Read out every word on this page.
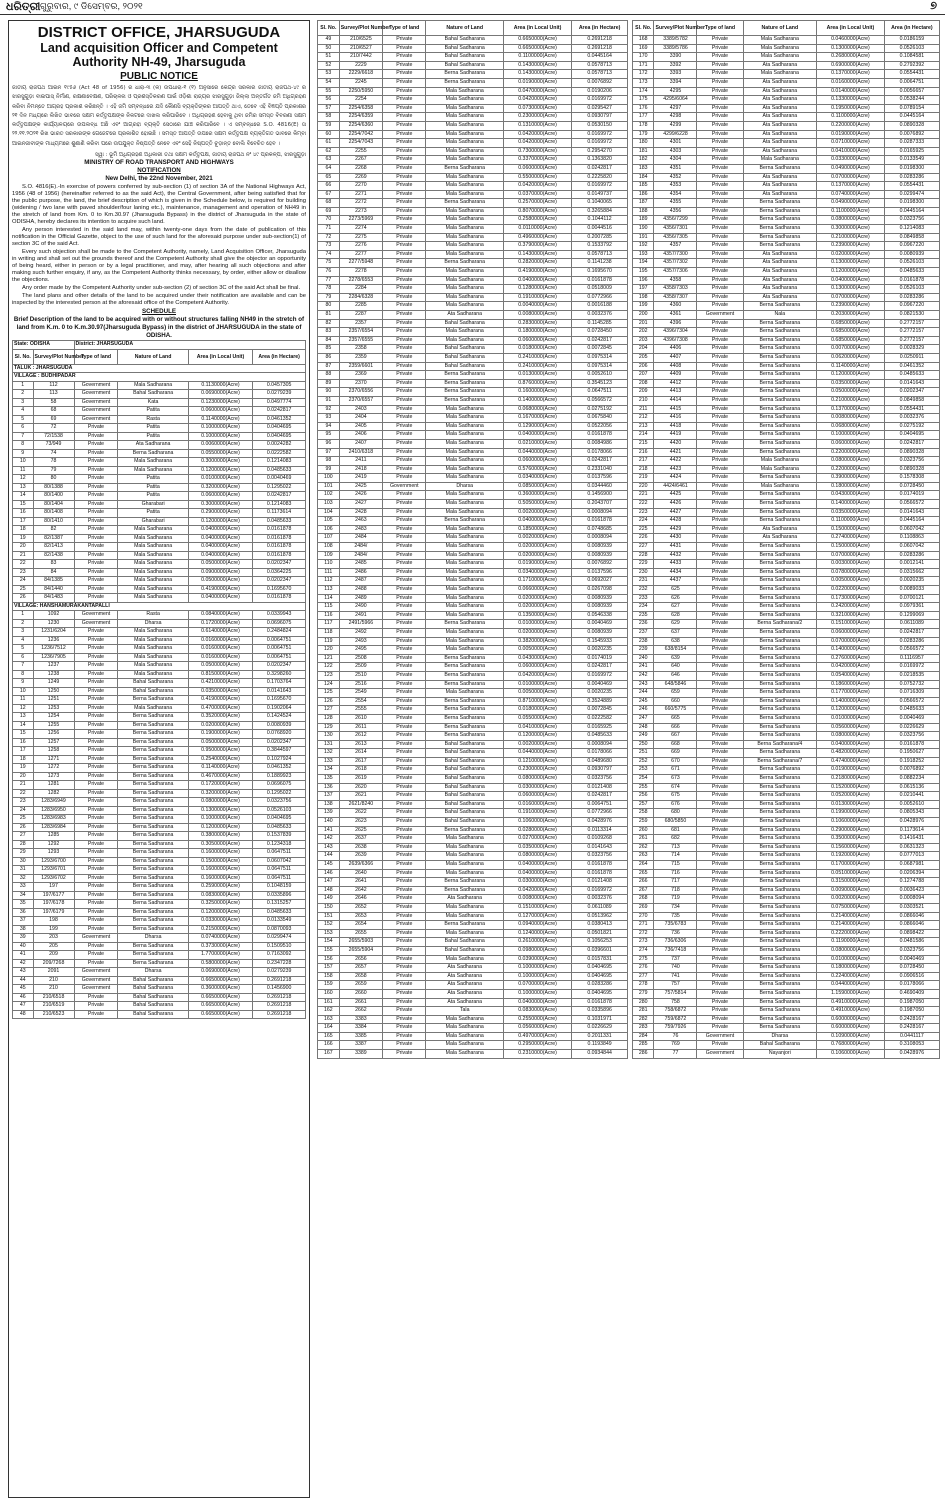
ଧରିତ୍ରୀ ଗୁରୁବାର, ୯ ଡିସେମ୍ବର, ୨୦୨୧	୭
DISTRICT OFFICE, JHARSUGUDA
Land acquisition Officer and Competent Authority NH-49, Jharsuguda
PUBLIC NOTICE
ଜାତୀୟ ରାଜପଥ ଆଇନ ୧୯୫୬ (Act 48 of 1956) ର ଧାରା-୩ (କ) ଉପଧାରା-୧ (୧) ଅନୁସାରେ କେନ୍ଦ୍ର ସରକାର ଜାତୀୟ ରାଜପଥ-୪୯ ର ଝାରସୁଗୁଡ଼ା ବାଇପାସ୍ ନିର୍ମାଣ, ରକ୍ଷଣାବେକ୍ଷଣ, ପରିଚାଳନା ଓ ପ୍ରଶସ୍ତିକରଣ ପାଇଁ ଓଡ଼ିଶା ରାଜ୍ୟର ଝାରସୁଗୁଡ଼ା ଜିଲ୍ଲା ଅନ୍ତର୍ଗତ ଜମି ଅଧିଗ୍ରହଣ କରିବା ନିମନ୍ତେ ଆଗ୍ରହ ପ୍ରକାଶ କରିଛନ୍ତି । ଏହି ଜମି ସମ୍ବନ୍ଧରେ ଯଦି କୌଣସି ବ୍ୟକ୍ତିଙ୍କର ଆପତ୍ତି ଥାଏ, ତେବେ ଏହି ବିଜ୍ଞପ୍ତି ପ୍ରକାଶର ୨୧ ଦିନ ମଧ୍ୟରେ ଲିଖିତ ଭାବରେ ସକ୍ଷମ କର୍ତ୍ତୃପକ୍ଷଙ୍କ ନିକଟରେ ଦାଖଲ କରିପାରିବେ । ଅଧିଗ୍ରହଣ ହେବାକୁ ଥିବା ଜମିର ସମସ୍ତ ବିବରଣୀ ସକ୍ଷମ କର୍ତ୍ତୃପକ୍ଷଙ୍କ କାର୍ଯ୍ୟାଳୟରେ ଉପଲବ୍ଧ ଅଛି ଏବଂ ଆଗ୍ରହୀ ବ୍ୟକ୍ତି ସେଠାରେ ଯାଞ୍ଚ କରିପାରିବେ । ଏ ସମ୍ବନ୍ଧରେ S.O. 4816(E) ତା ୨୨.୧୧.୨୦୨୧ ରିଖ ଭାରତ ସରକାରଙ୍କ ଗେଜେଟରେ ପ୍ରକାଶିତ ହୋଇଛି । ସମସ୍ତ ଆପତ୍ତି ଉପରେ ସକ୍ଷମ କର୍ତ୍ତୃପକ୍ଷ ବ୍ୟକ୍ତିଗତ ଭାବରେ କିମ୍ବା ଆଇନଜୀବୀଙ୍କ ମାଧ୍ୟମରେ ଶୁଣାଣି କରିବା ପରେ ଉପଯୁକ୍ତ ନିଷ୍ପତ୍ତି ନେବେ ଏବଂ ସେହି ନିଷ୍ପତ୍ତି ଚୂଡ଼ାନ୍ତ ବୋଲି ବିବେଚିତ ହେବ ।
ସ୍ୱା : ଭୂମି ଅଧିଗ୍ରହଣ ଅଧିକାରୀ ତଥା ସକ୍ଷମ କର୍ତ୍ତୃପକ୍ଷ, ଜାତୀୟ ରାଜପଥ ନଂ ୪୯ ପ୍ରକଳ୍ପ, ଝାରସୁଗୁଡ଼ା
MINISTRY OF ROAD TRANSPORT AND HIGHWAYS
NOTIFICATION
New Delhi, the 22nd November, 2021

S.O. 4816(E).-In exercise of powers conferred by sub-section (1) of section 3A of the National Highways Act, 1956 (48 of 1956) (hereinafter referred to as the said Act), the Central Government, after being satisfied that for the public purpose, the land, the brief description of which is given in the Schedule below, is required for building (widening / two lane with paved shoulder/four laning etc.), maintenance, management and operation of NH49 in the stretch of land from Km. 0 to Km.30.97 (Jharsuguda Bypass) in the district of Jharsuguda in the state of ODISHA, hereby declares its intention to acquire such land.

Any person interested in the said land may, within twenty-one days from the date of publication of this notification in the Official Gazette, object to the use of such land for the aforesaid purpose under sub-section(1) of section 3C of the said Act.

Every such objection shall be made to the Competent Authority, namely, Land Acquisition Officer, Jharsuguda in writing and shall set out the grounds thereof and the Competent Authority shall give the objector an opportunity of being heard, either in person or by a legal practitioner, and may, after hearing all such objections and after making such further enquiry, if any, as the Competent Authority thinks necessary, by order, either allow or disallow the objections.

Any order made by the Competent Authority under sub-section (2) of section 3C of the said Act shall be final.

The land plans and other details of the land to be acquired under their notification are available and can be inspected by the interested person at the aforesaid office of the Competent Authority.

SCHEDULE
Brief Description of the land to be acquired with or without structures falling NH49 in the stretch of land from K.m. 0 to K.m.30.97(Jharsuguda Bypass) in the district of JHARSUGUDA in the state of ODISHA.
State: ODISHA		District: JHARSUGUDA			
Sl. No.	Survey/Plot Number	Type of land	Nature of Land	Area (in Local Unit)	Area (in Hectare)
TALUK : JHARSUGUDA					
VILLAGE : BUDHIPADAR					
1	112	Government	Mala Sadharana	0.1130000(Acre)	0.0457305
2	113	Government	Bahal Sadharana	0.0690000(Acre)	0.0279239
3	58	Government	Kata	0.1230000(Acre)	0.0497774
4	68	Government	Patita	0.0600000(Acre)	0.0242817
5	69	Government	Rasta	0.1140000(Acre)	0.0461352
6	72	Private	Patita	0.1000000(Acre)	0.0404695
7	72/1538	Private	Patita	0.1000000(Acre)	0.0404695
8	73/949	Private	Ata Sadharana	0.0060000(Acre)	0.0024282
9	74	Private	Berna Sadharana	0.0550000(Acre)	0.0222582
10	78	Private	Mala Sadharana	0.3000000(Acre)	0.1214083
11	79	Private	Mala Sadharana	0.1200000(Acre)	0.0485633
12	80	Private	Patita	0.0100000(Acre)	0.0040469
13	80/1388	Private	Patita	0.3200000(Acre)	0.1295022
14	80/1400	Private	Patita	0.0600000(Acre)	0.0242817
15	80/1404	Private	Gharabari	0.3000000(Acre)	0.1214083
16	80/1408	Private	Patita	0.2900000(Acre)	0.1173614
17	80/1410	Private	Gharabari	0.1200000(Acre)	0.0485633
18	82	Private	Mala Sadharana	0.0400000(Acre)	0.0161878
19	82/1387	Private	Mala Sadharana	0.0400000(Acre)	0.0161878
20	82/1413	Private	Mala Sadharana	0.0400000(Acre)	0.0161878
21	82/1438	Private	Mala Sadharana	0.0400000(Acre)	0.0161878
22	83	Private	Mala Sadharana	0.0500000(Acre)	0.0202347
23	84	Private	Mala Sadharana	0.0900000(Acre)	0.0364225
24	84/1385	Private	Mala Sadharana	0.0500000(Acre)	0.0202347
25	84/1440	Private	Mala Sadharana	0.4190000(Acre)	0.1695670
26	84/1483	Private	Mala Sadharana	0.0400000(Acre)	0.0161878
VILLAGE: HANSHAMURAKANTAPALLI					
1	1092	Government	Rasta	0.0840000(Acre)	0.0339943
2	1230	Government	Dharsa	0.1720000(Acre)	0.0696075
3	1231/6204	Private	Mala Sadharana	0.6140000(Acre)	0.2484824
4	1236	Private	Mala Sadharana	0.0160000(Acre)	0.0064751
5	1236/7512	Private	Mala Sadharana	0.0160000(Acre)	0.0064751
6	1236/7905	Private	Mala Sadharana	0.0160000(Acre)	0.0064751
7	1237	Private	Mala Sadharana	0.0500000(Acre)	0.0202347
8	1238	Private	Mala Sadharana	0.8150000(Acre)	0.3298260
9	1249	Private	Bahal Sadharana	0.4210000(Acre)	0.1703764
10	1250	Private	Bahal Sadharana	0.0350000(Acre)	0.0141643
11	1251	Private	Berna Sadharana	0.4190000(Acre)	0.1695670
12	1253	Private	Mala Sadharana	0.4700000(Acre)	0.1902064
13	1254	Private	Berna Sadharana	0.3520000(Acre)	0.1424524
14	1255	Private	Berna Sadharana	0.0200000(Acre)	0.0080939
15	1256	Private	Berna Sadharana	0.1900000(Acre)	0.0768920
16	1257	Private	Berna Sadharana	0.0500000(Acre)	0.0202347
17	1258	Private	Berna Sadharana	0.9500000(Acre)	0.3844597
18	1271	Private	Berna Sadharana	0.2540000(Acre)	0.1027924
19	1272	Private	Berna Sadharana	0.1140000(Acre)	0.0461352
20	1273	Private	Berna Sadharana	0.4670000(Acre)	0.1889923
21	1281	Private	Berna Sadharana	0.1720000(Acre)	0.0696075
22	1282	Private	Berna Sadharana	0.3200000(Acre)	0.1295022
23	1283/6949	Private	Berna Sadharana	0.0800000(Acre)	0.0323756
24	1283/6950	Private	Berna Sadharana	0.1300000(Acre)	0.0526103
25	1283/6983	Private	Berna Sadharana	0.1000000(Acre)	0.0404695
26	1283/6984	Private	Berna Sadharana	0.1200000(Acre)	0.0485633
27	1285	Private	Berna Sadharana	0.3800000(Acre)	0.1537839
28	1292	Private	Berna Sadharana	0.3050000(Acre)	0.1234318
29	1293	Private	Berna Sadharana	0.1600000(Acre)	0.0647511
30	1293/6700	Private	Berna Sadharana	0.1500000(Acre)	0.0607042
31	1293/6701	Private	Berna Sadharana	0.1600000(Acre)	0.0647511
32	1293/6702	Private	Berna Sadharana	0.1600000(Acre)	0.0647511
33	197	Private	Berna Sadharana	0.2590000(Acre)	0.1048159
34	197/6177	Private	Berna Sadharana	0.0830000(Acre)	0.0335896
35	197/6178	Private	Berna Sadharana	0.3250000(Acre)	0.1315257
36	197/6179	Private	Berna Sadharana	0.1200000(Acre)	0.0485633
37	198	Private	Berna Sadharana	0.0330000(Acre)	0.0133549
38	199	Private	Berna Sadharana	0.2150000(Acre)	0.0870093
39	203	Government	Dharsa	0.0740000(Acre)	0.0299474
40	205	Private	Berna Sadharana	0.3730000(Acre)	0.1509510
41	209	Private	Berna Sadharana	1.7700000(Acre)	0.7163092
42	209/7268	Private	Berna Sadharana	0.5800000(Acre)	0.2347228
43	2091	Government	Dharsa	0.0690000(Acre)	0.0279239
44	210	Government	Bahal Sadharana	0.6650000(Acre)	0.2691218
45	210	Government	Bahal Sadharana	0.3600000(Acre)	0.1456900
46	210/6518	Private	Bahal Sadharana	0.6650000(Acre)	0.2691218
47	210/6519	Private	Bahal Sadharana	0.6650000(Acre)	0.2691218
48	210/6523	Private	Bahal Sadharana	0.6650000(Acre)	0.2691218
Sl. No.	Survey/Plot Number	Type of land	Nature of Land	Area (in Local Unit)	Area (in Hectare)
49	210/6525	Private	Bahal Sadharana	0.6650000(Acre)	0.2691218
50	210/6527	Private	Bahal Sadharana	0.6650000(Acre)	0.2691218
51	210/7442	Private	Bahal Sadharana	0.1100000(Acre)	0.0445164
52	2229	Private	Bahal Sadharana	0.1430000(Acre)	0.0578713
53	2229/6618	Private	Berna Sadharana	0.1430000(Acre)	0.0578713
54	2245	Private	Berna Sadharana	0.0190000(Acre)	0.0076892
55	2250/5950	Private	Mala Sadharana	0.0470000(Acre)	0.0190206
56	2254	Private	Mala Sadharana	0.0420000(Acre)	0.0169972
57	2254/6358	Private	Mala Sadharana	0.0730000(Acre)	0.0295427
58	2254/6359	Private	Mala Sadharana	0.2300000(Acre)	0.0930797
59	2254/6360	Private	Mala Sadharana	0.1310000(Acre)	0.0530150
60	2254/7042	Private	Mala Sadharana	0.0420000(Acre)	0.0169972
61	2254/7043	Private	Mala Sadharana	0.0420000(Acre)	0.0169972
62	2255	Private	Mala Sadharana	0.7300000(Acre)	0.2954270
63	2267	Private	Mala Sadharana	0.3370000(Acre)	0.1363820
64	2268	Private	Berna Sadharana	0.0600000(Acre)	0.0242817
65	2269	Private	Mala Sadharana	0.5500000(Acre)	0.2225820
66	2270	Private	Mala Sadharana	0.0420000(Acre)	0.0169972
67	2271	Private	Mala Sadharana	0.0370000(Acre)	0.0149737
68	2272	Private	Berna Sadharana	0.2570000(Acre)	0.1040065
69	2273	Private	Mala Sadharana	0.8070000(Acre)	0.3265884
70	2273/5969	Private	Mala Sadharana	0.2580000(Acre)	0.1044112
71	2274	Private	Mala Sadharana	0.0110000(Acre)	0.0044516
72	2275	Private	Mala Sadharana	0.4960000(Acre)	0.2007285
73	2276	Private	Mala Sadharana	0.3790000(Acre)	0.1533792
74	2277	Private	Mala Sadharana	0.1430000(Acre)	0.0578713
75	2277/5948	Private	Berna Sadharana	0.2820000(Acre)	0.1141238
76	2278	Private	Mala Sadharana	0.4190000(Acre)	0.1695670
77	2278/6553	Private	Mala Sadharana	0.0400000(Acre)	0.0161878
78	2284	Private	Mala Sadharana	0.1280000(Acre)	0.0518009
79	2284/6328	Private	Mala Sadharana	0.1910000(Acre)	0.0772966
80	2285	Private	Mala Sadharana	0.0040000(Acre)	0.0016188
81	2287	Private	Ata Sadharana	0.0080000(Acre)	0.0032376
82	2357	Private	Bahal Sadharana	0.2830000(Acre)	0.1145285
83	2357/6554	Private	Mala Sadharana	0.1800000(Acre)	0.0728450
84	2357/6555	Private	Mala Sadharana	0.0600000(Acre)	0.0242817
85	2358	Private	Bahal Sadharana	0.0180000(Acre)	0.0072845
86	2359	Private	Bahal Sadharana	0.2410000(Acre)	0.0975314
87	2359/6601	Private	Bahal Sadharana	0.2410000(Acre)	0.0975314
88	2369	Private	Berna Sadharana	0.0130000(Acre)	0.0052610
89	2370	Private	Berna Sadharana	0.8760000(Acre)	0.3545123
90	2370/6556	Private	Berna Sadharana	0.1600000(Acre)	0.0647511
91	2370/6557	Private	Berna Sadharana	0.1400000(Acre)	0.0566572
92	2403	Private	Mala Sadharana	0.0680000(Acre)	0.0275192
93	2404	Private	Mala Sadharana	0.1670000(Acre)	0.0675840
94	2405	Private	Mala Sadharana	0.1290000(Acre)	0.0522056
95	2406	Private	Mala Sadharana	0.0400000(Acre)	0.0161878
96	2407	Private	Mala Sadharana	0.0210000(Acre)	0.0084986
97	2410/6318	Private	Mala Sadharana	0.0440000(Acre)	0.0178066
98	2411	Private	Mala Sadharana	0.0600000(Acre)	0.0242817
99	2418	Private	Mala Sadharana	0.5760000(Acre)	0.2331040
100	2419	Private	Mala Sadharana	0.0340000(Acre)	0.0137596
101	2425	Government	Dharsa	0.0850000(Acre)	0.0344460
102	2426	Private	Mala Sadharana	0.3600000(Acre)	0.1456900
103	2427	Private	Mala Sadharana	0.5050000(Acre)	0.2043707
104	2428	Private	Mala Sadharana	0.0020000(Acre)	0.0008094
105	2463	Private	Berna Sadharana	0.0400000(Acre)	0.0161878
106	2483	Private	Mala Sadharana	0.1850000(Acre)	0.0748685
107	2484	Private	Mala Sadharana	0.0020000(Acre)	0.0008094
108	2484/	Private	Mala Sadharana	0.0200000(Acre)	0.0080939
109	2484/	Private	Mala Sadharana	0.0200000(Acre)	0.0080939
110	2485	Private	Mala Sadharana	0.0190000(Acre)	0.0076892
111	2486	Private	Mala Sadharana	0.0340000(Acre)	0.0137596
112	2487	Private	Mala Sadharana	0.1710000(Acre)	0.0692027
113	2488	Private	Mala Sadharana	0.0660000(Acre)	0.0267098
114	2489	Private	Mala Sadharana	0.0200000(Acre)	0.0080939
115	2490	Private	Mala Sadharana	0.0200000(Acre)	0.0080939
116	2491	Private	Mala Sadharana	0.1350000(Acre)	0.0546338
117	2491/5966	Private	Berna Sadharana	0.0100000(Acre)	0.0040469
118	2492	Private	Mala Sadharana	0.0200000(Acre)	0.0080939
119	2493	Private	Mala Sadharana	0.3820000(Acre)	0.1545933
120	2495	Private	Mala Sadharana	0.0050000(Acre)	0.0020235
121	2508	Private	Berna Sadharana	0.0430000(Acre)	0.0174019
122	2509	Private	Berna Sadharana	0.0600000(Acre)	0.0242817
123	2510	Private	Berna Sadharana	0.0420000(Acre)	0.0169972
124	2516	Private	Berna Sadharana	0.0100000(Acre)	0.0040469
125	2549	Private	Mala Sadharana	0.0050000(Acre)	0.0020235
126	2554	Private	Berna Sadharana	0.8710000(Acre)	0.3524889
127	2555	Private	Berna Sadharana	0.0180000(Acre)	0.0072845
128	2610	Private	Berna Sadharana	0.0550000(Acre)	0.0222582
129	2611	Private	Berna Sadharana	0.0410000(Acre)	0.0165925
130	2612	Private	Berna Sadharana	0.1200000(Acre)	0.0485633
131	2613	Private	Bahal Sadharana	0.0020000(Acre)	0.0008094
132	2614	Private	Bahal Sadharana	0.0440000(Acre)	0.0178066
133	2617	Private	Bahal Sadharana	0.1210000(Acre)	0.0489680
134	2618	Private	Bahal Sadharana	0.2300000(Acre)	0.0930797
135	2619	Private	Bahal Sadharana	0.0800000(Acre)	0.0323756
136	2620	Private	Bahal Sadharana	0.0300000(Acre)	0.0121408
137	2621	Private	Bahal Sadharana	0.0600000(Acre)	0.0242817
138	2621/8240	Private	Bahal Sadharana	0.0160000(Acre)	0.0064751
139	2622	Private	Bahal Sadharana	0.1910000(Acre)	0.0772966
140	2623	Private	Bahal Sadharana	0.1060000(Acre)	0.0428976
141	2625	Private	Berna Sadharana	0.0280000(Acre)	0.0113314
142	2637	Private	Mala Sadharana	0.0270000(Acre)	0.0109268
143	2638	Private	Mala Sadharana	0.0350000(Acre)	0.0141643
144	2639	Private	Mala Sadharana	0.0800000(Acre)	0.0323756
145	2639/6366	Private	Mala Sadharana	0.0400000(Acre)	0.0161878
146	2640	Private	Mala Sadharana	0.0400000(Acre)	0.0161878
147	2641	Private	Berna Sadharana	0.0300000(Acre)	0.0121408
148	2642	Private	Berna Sadharana	0.0420000(Acre)	0.0169972
149	2646	Private	Ata Sadharana	0.0080000(Acre)	0.0032376
150	2652	Private	Mala Sadharana	0.1510000(Acre)	0.0611089
151	2653	Private	Mala Sadharana	0.1270000(Acre)	0.0513962
152	2654	Private	Berna Sadharana	0.0940000(Acre)	0.0380413
153	2655	Private	Mala Sadharana	0.1240000(Acre)	0.0501821
154	2655/5903	Private	Bahal Sadharana	0.2610000(Acre)	0.1056253
155	2655/5904	Private	Bahal Sadharana	0.0980000(Acre)	0.0396601
156	2656	Private	Mala Sadharana	0.0390000(Acre)	0.0157831
157	2657	Private	Ata Sadharana	0.1000000(Acre)	0.0404695
158	2658	Private	Ata Sadharana	0.1000000(Acre)	0.0404695
159	2659	Private	Ata Sadharana	0.0700000(Acre)	0.0283286
160	2660	Private	Ata Sadharana	0.1000000(Acre)	0.0404695
161	2661	Private	Ata Sadharana	0.0400000(Acre)	0.0161878
162	2662	Private	Tala	0.0830000(Acre)	0.0335896
163	3383	Private	Mala Sadharana	0.2550000(Acre)	0.1031971
164	3384	Private	Mala Sadharana	0.0560000(Acre)	0.0226629
165	3385	Private	Mala Sadharana	0.4970000(Acre)	0.2011331
166	3387	Private	Mala Sadharana	0.2950000(Acre)	0.1193849
167	3389	Private	Mala Sadharana	0.2310000(Acre)	0.0934844
Sl. No.	Survey/Plot Number	Type of land	Nature of Land	Area (in Local Unit)	Area (in Hectare)
168	3389/5782	Private	Mala Sadharana	0.0460000(Acre)	0.0186159
169	3389/5786	Private	Mala Sadharana	0.1300000(Acre)	0.0526103
170	3390	Private	Mala Sadharana	0.2680000(Acre)	0.1084581
171	3392	Private	Ata Sadharana	0.6900000(Acre)	0.2792392
172	3393	Private	Mala Sadharana	0.1370000(Acre)	0.0554431
173	3394	Private	Ata Sadharana	0.0160000(Acre)	0.0064751
174	4295	Private	Ata Sadharana	0.0140000(Acre)	0.0056657
175	4295/6064	Private	Ata Sadharana	0.1330000(Acre)	0.0538244
176	4297	Private	Ata Sadharana	0.1950000(Acre)	0.0789154
177	4298	Private	Ata Sadharana	0.1100000(Acre)	0.0445164
178	4299	Private	Ata Sadharana	0.2200000(Acre)	0.0890328
179	4299/6228	Private	Ata Sadharana	0.0190000(Acre)	0.0076892
180	4301	Private	Ata Sadharana	0.0710000(Acre)	0.0287333
181	4303	Private	Ata Sadharana	0.0410000(Acre)	0.0165925
182	4304	Private	Mala Sadharana	0.0330000(Acre)	0.0133549
183	4351	Private	Berna Sadharana	0.0490000(Acre)	0.0198300
184	4352	Private	Ata Sadharana	0.0700000(Acre)	0.0283286
185	4353	Private	Ata Sadharana	0.1370000(Acre)	0.0554431
186	4354	Private	Ata Sadharana	0.0740000(Acre)	0.0299474
187	4355	Private	Berna Sadharana	0.0490000(Acre)	0.0198300
188	4356	Private	Berna Sadharana	0.1100000(Acre)	0.0445164
189	4356/7299	Private	Berna Sadharana	0.0800000(Acre)	0.0323756
190	4356/7301	Private	Berna Sadharana	0.3000000(Acre)	0.1214083
191	4356/7305	Private	Berna Sadharana	0.2100000(Acre)	0.0849858
192	4357	Private	Berna Sadharana	0.2390000(Acre)	0.0967220
193	4357/7300	Private	Ata Sadharana	0.0200000(Acre)	0.0080939
194	4357/7302	Private	Ata Sadharana	0.1300000(Acre)	0.0526103
195	4357/7306	Private	Ata Sadharana	0.1200000(Acre)	0.0485633
196	4358	Private	Ata Sadharana	0.0400000(Acre)	0.0161878
197	4358/7303	Private	Ata Sadharana	0.1300000(Acre)	0.0526103
198	4358/7307	Private	Ata Sadharana	0.0700000(Acre)	0.0283286
199	4360	Private	Berna Sadharana	0.2390000(Acre)	0.0967220
200	4361	Government	Nala	0.2030000(Acre)	0.0821530
201	4396	Private	Berna Sadharana	0.6850000(Acre)	0.2772157
202	4396/7304	Private	Berna Sadharana	0.6850000(Acre)	0.2772157
203	4396/7308	Private	Berna Sadharana	0.6850000(Acre)	0.2772157
204	4406	Private	Berna Sadharana	0.0070000(Acre)	0.0028329
205	4407	Private	Berna Sadharana	0.0620000(Acre)	0.0250911
206	4408	Private	Berna Sadharana	0.1140000(Acre)	0.0461352
207	4409	Private	Berna Sadharana	0.1200000(Acre)	0.0485633
208	4412	Private	Berna Sadharana	0.0350000(Acre)	0.0141643
209	4413	Private	Berna Sadharana	0.0500000(Acre)	0.0202347
210	4414	Private	Berna Sadharana	0.2100000(Acre)	0.0849858
211	4415	Private	Berna Sadharana	0.1370000(Acre)	0.0554431
212	4416	Private	Berna Sadharana	0.0080000(Acre)	0.0032376
213	4418	Private	Berna Sadharana	0.0680000(Acre)	0.0275192
214	4419	Private	Berna Sadharana	0.1000000(Acre)	0.0404695
215	4420	Private	Berna Sadharana	0.0600000(Acre)	0.0242817
216	4421	Private	Berna Sadharana	0.2200000(Acre)	0.0890328
217	4422	Private	Mala Sadharana	0.0800000(Acre)	0.0323756
218	4423	Private	Mala Sadharana	0.2200000(Acre)	0.0890328
219	4424	Private	Berna Sadharana	0.3900000(Acre)	0.1578308
220	4424/6461	Private	Mala Sadharana	0.1800000(Acre)	0.0728450
221	4425	Private	Berna Sadharana	0.0430000(Acre)	0.0174019
222	4426	Private	Berna Sadharana	0.1400000(Acre)	0.0566572
223	4427	Private	Berna Sadharana	0.0350000(Acre)	0.0141643
224	4428	Private	Berna Sadharana	0.1100000(Acre)	0.0445164
225	4429	Private	Ata Sadharana	0.1500000(Acre)	0.0607042
226	4430	Private	Ata Sadharana	0.2740000(Acre)	0.1108863
227	4431	Private	Berna Sadharana	0.1500000(Acre)	0.0607042
228	4432	Private	Berna Sadharana	0.0700000(Acre)	0.0283286
229	4433	Private	Berna Sadharana	0.0030000(Acre)	0.0012141
230	4434	Private	Berna Sadharana	0.0780000(Acre)	0.0315662
231	4437	Private	Berna Sadharana	0.0050000(Acre)	0.0020235
232	625	Private	Berna Sadharana	0.0220000(Acre)	0.0089033
233	626	Private	Berna Sadharana	0.1730000(Acre)	0.0700121
234	627	Private	Berna Sadharana	0.2420000(Acre)	0.0979361
235	628	Private	Berna Sadharana	0.3210000(Acre)	0.1299069
236	629	Private	Berna Sadharana/2	0.1510000(Acre)	0.0611089
237	637	Private	Berna Sadharana	0.0600000(Acre)	0.0242817
238	638	Private	Berna Sadharana	0.0700000(Acre)	0.0283286
239	638/8154	Private	Berna Sadharana	0.1400000(Acre)	0.0566572
240	639	Private	Berna Sadharana	0.2760000(Acre)	0.1116957
241	640	Private	Berna Sadharana	0.0420000(Acre)	0.0169972
242	646	Private	Berna Sadharana	0.0540000(Acre)	0.0218535
243	648/5846	Private	Berna Sadharana	0.1860000(Acre)	0.0752732
244	659	Private	Berna Sadharana	0.1770000(Acre)	0.0716309
245	660	Private	Berna Sadharana	0.1400000(Acre)	0.0566572
246	660/5775	Private	Berna Sadharana	0.1200000(Acre)	0.0485633
247	665	Private	Berna Sadharana	0.0100000(Acre)	0.0040469
248	666	Private	Berna Sadharana	0.0560000(Acre)	0.0226629
249	667	Private	Berna Sadharana	0.0800000(Acre)	0.0323756
250	668	Private	Berna Sadharana/4	0.0400000(Acre)	0.0161878
251	669	Private	Berna Sadharana	0.4820000(Acre)	0.1950627
252	670	Private	Berna Sadharana/7	0.4740000(Acre)	0.1918252
253	671	Private	Berna Sadharana	0.0190000(Acre)	0.0076892
254	673	Private	Berna Sadharana	0.2180000(Acre)	0.0882234
255	674	Private	Berna Sadharana	0.1520000(Acre)	0.0615136
256	675	Private	Berna Sadharana	0.0520000(Acre)	0.0210441
257	676	Private	Berna Sadharana	0.0130000(Acre)	0.0052610
258	680	Private	Berna Sadharana	0.1990000(Acre)	0.0805343
259	680/5850	Private	Berna Sadharana	0.1060000(Acre)	0.0428976
260	681	Private	Berna Sadharana	0.2900000(Acre)	0.1173614
261	682	Private	Berna Sadharana	0.3500000(Acre)	0.1416431
262	713	Private	Berna Sadharana	0.1560000(Acre)	0.0631323
263	714	Private	Berna Sadharana	0.1920000(Acre)	0.0777013
264	715	Private	Berna Sadharana	0.1700000(Acre)	0.0687981
265	716	Private	Berna Sadharana	0.0510000(Acre)	0.0206394
266	717	Private	Berna Sadharana	0.3150000(Acre)	0.1274788
267	718	Private	Berna Sadharana	0.0090000(Acre)	0.0036423
268	719	Private	Berna Sadharana	0.0020000(Acre)	0.0008094
269	734	Private	Berna Sadharana	0.0750000(Acre)	0.0303521
270	735	Private	Berna Sadharana	0.2140000(Acre)	0.0866046
271	735/6783	Private	Berna Sadharana	0.2140000(Acre)	0.0866046
272	736	Private	Berna Sadharana	0.2220000(Acre)	0.0898422
273	736/6306	Private	Berna Sadharana	0.1190000(Acre)	0.0481586
274	736/7418	Private	Berna Sadharana	0.0800000(Acre)	0.0323756
275	737	Private	Berna Sadharana	0.0100000(Acre)	0.0040469
276	740	Private	Berna Sadharana	0.1800000(Acre)	0.0728450
277	741	Private	Berna Sadharana	0.2240000(Acre)	0.0906516
278	757	Private	Berna Sadharana	0.0440000(Acre)	0.0178066
279	757/5814	Private	Berna Sadharana	1.1590000(Acre)	0.4690409
280	758	Private	Berna Sadharana	0.4910000(Acre)	0.1987050
281	758/6872	Private	Berna Sadharana	0.4910000(Acre)	0.1987050
282	759/6872	Private	Berna Sadharana	0.6000000(Acre)	0.2428167
283	759/7926	Private	Berna Sadharana	0.6000000(Acre)	0.2428167
284	76	Government	Dharsa	0.1090000(Acre)	0.0441117
285	769	Private	Bahal Sadharana	0.7680000(Acre)	0.3108053
286	77	Government	Nayanjori	0.1060000(Acre)	0.0428976
